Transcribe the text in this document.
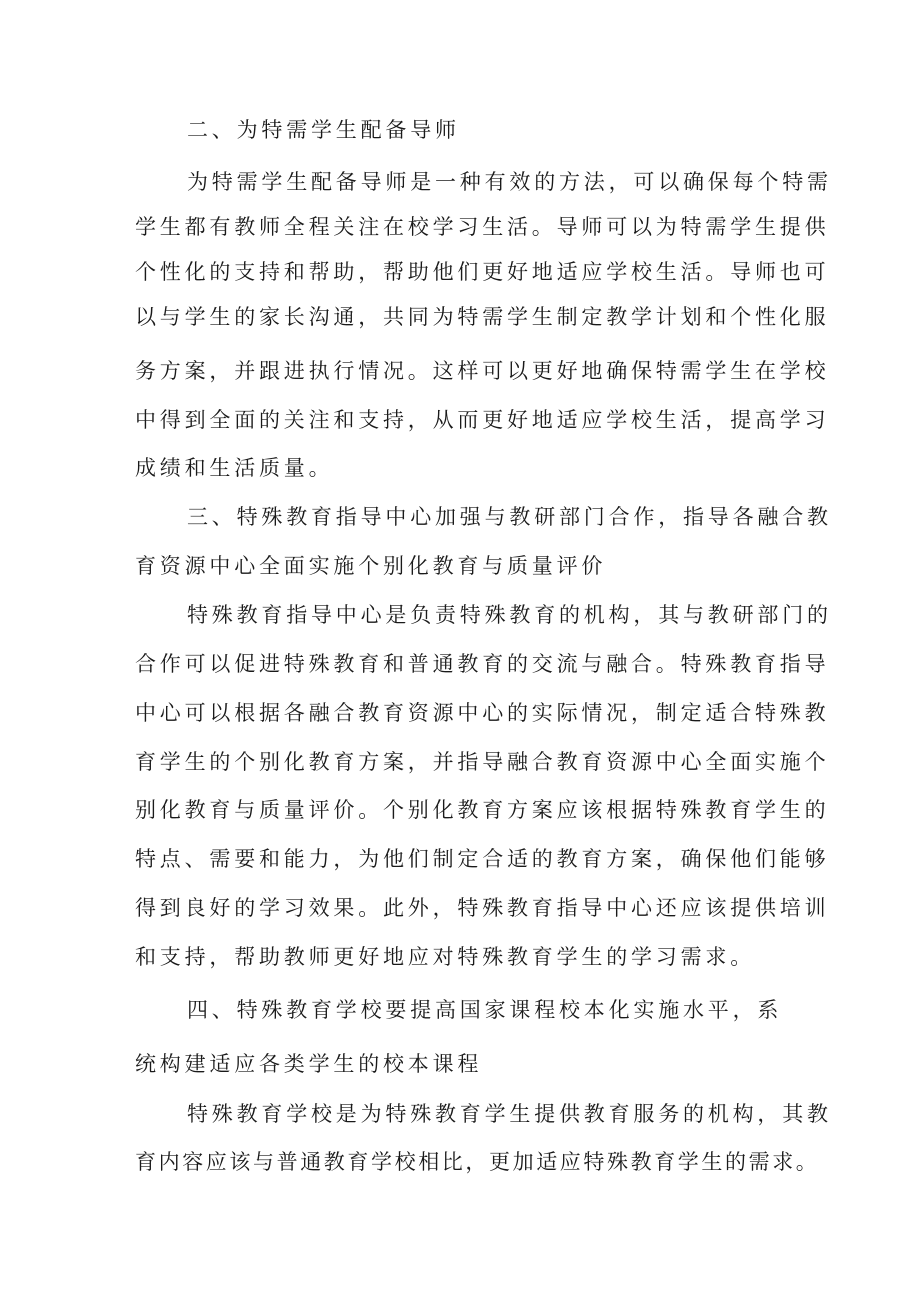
二、为特需学生配备导师
为特需学生配备导师是一种有效的方法，可以确保每个特需
学生都有教师全程关注在校学习生活。导师可以为特需学生提供
个性化的支持和帮助，帮助他们更好地适应学校生活。导师也可
以与学生的家长沟通，共同为特需学生制定教学计划和个性化服
务方案，并跟进执行情况。这样可以更好地确保特需学生在学校
中得到全面的关注和支持，从而更好地适应学校生活，提高学习
成绩和生活质量。
三、特殊教育指导中心加强与教研部门合作，指导各融合教
育资源中心全面实施个别化教育与质量评价
特殊教育指导中心是负责特殊教育的机构，其与教研部门的
合作可以促进特殊教育和普通教育的交流与融合。特殊教育指导
中心可以根据各融合教育资源中心的实际情况，制定适合特殊教
育学生的个别化教育方案，并指导融合教育资源中心全面实施个
别化教育与质量评价。个别化教育方案应该根据特殊教育学生的
特点、需要和能力，为他们制定合适的教育方案，确保他们能够
得到良好的学习效果。此外，特殊教育指导中心还应该提供培训
和支持，帮助教师更好地应对特殊教育学生的学习需求。
四、特殊教育学校要提高国家课程校本化实施水平，系
统构建适应各类学生的校本课程
特殊教育学校是为特殊教育学生提供教育服务的机构，其教
育内容应该与普通教育学校相比，更加适应特殊教育学生的需求。
